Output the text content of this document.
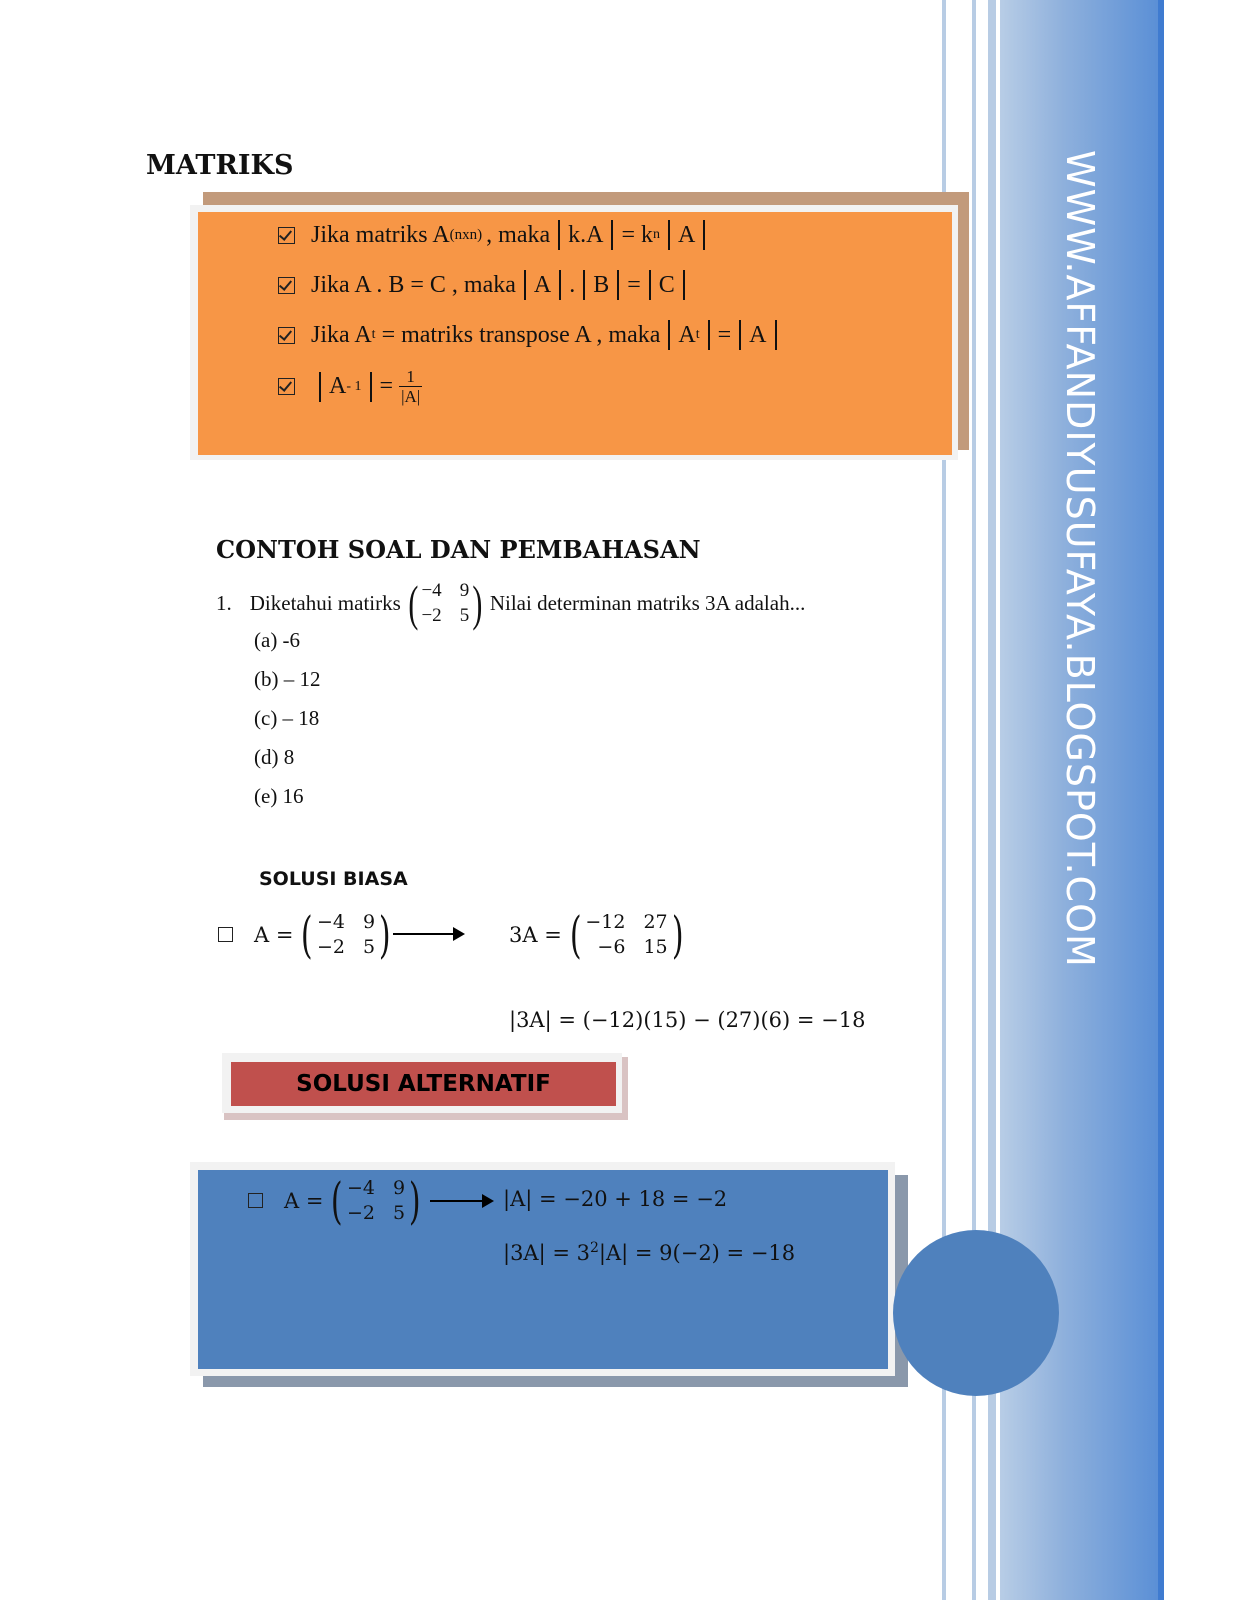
WWW.AFFANDIYUSUFAYA.BLOGSPOT.COM
MATRIKS
Jika matriks A (nxn) , maka k.A = k n A
Jika A . B = C , maka A . B = C
Jika A t = matriks transpose A , maka A t = A
$A - 1 = \frac{1}{|A|}$
CONTOH SOAL DAN PEMBAHASAN
1. Diketahui matirks ( −4 9
−2 5 ) Nilai determinan matriks 3A adalah...
(a) -6
(b) – 12
(c) – 18
(d) 8
(e) 16
SOLUSI BIASA
A = ( −4 9
−2 5 )	3A = ( −12 27
−6 15 )
|3A| = (−12)(15) − (27)(6) = −18
SOLUSI ALTERNATIF
A = ( −4 9
−2 5 )	|A| = −20 + 18 = −2
$|3A| = 3^2|A| = 9(-2) = -18$
